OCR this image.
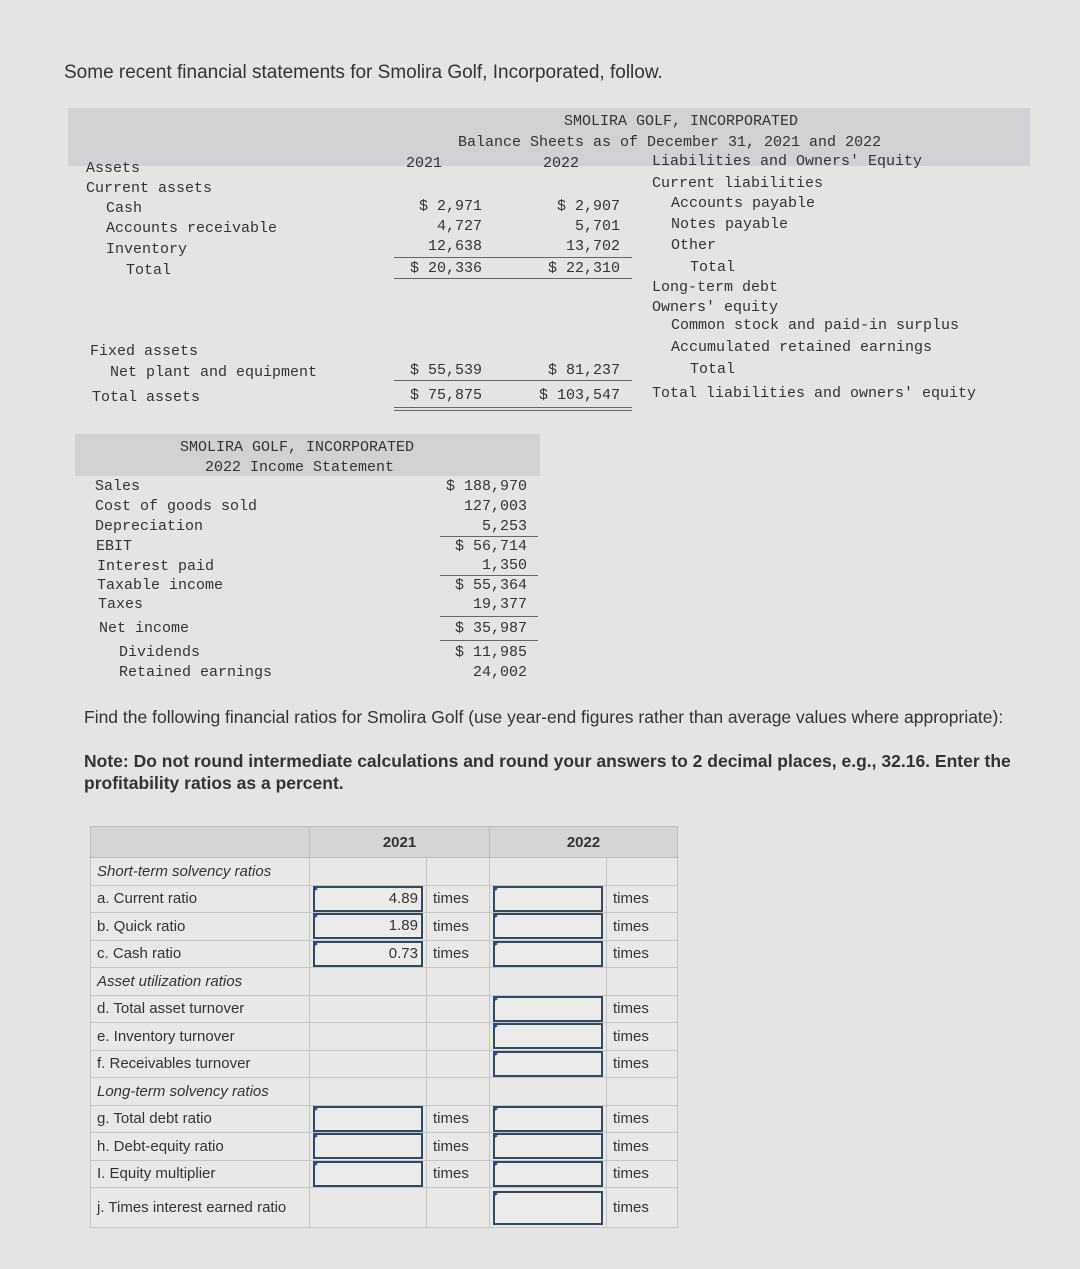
Some recent financial statements for Smolira Golf, Incorporated, follow.
SMOLIRA GOLF, INCORPORATED
Balance Sheets as of December 31, 2021 and 2022
2021	2022
Assets
Current assets
Cash	$ 2,971	$ 2,907
Accounts receivable	4,727	5,701
Inventory	12,638	13,702
Total	$ 20,336	$ 22,310
Fixed assets
Net plant and equipment	$ 55,539	$ 81,237
Total assets	$ 75,875	$ 103,547
Liabilities and Owners' Equity
Current liabilities
Accounts payable
Notes payable
Other
Total
Long-term debt
Owners' equity
Common stock and paid-in surplus
Accumulated retained earnings
Total
Total liabilities and owners' equity
SMOLIRA GOLF, INCORPORATED
2022 Income Statement
Sales	$ 188,970
Cost of goods sold	127,003
Depreciation	5,253
EBIT	$ 56,714
Interest paid	1,350
Taxable income	$ 55,364
Taxes	19,377
Net income	$ 35,987
Dividends	$ 11,985
Retained earnings	24,002
Find the following financial ratios for Smolira Golf (use year-end figures rather than average values where appropriate):
Note: Do not round intermediate calculations and round your answers to 2 decimal places, e.g., 32.16. Enter the profitability ratios as a percent.
	2021		2022	
Short-term solvency ratios				
a. Current ratio	4.89	times		times
b. Quick ratio	1.89	times		times
c. Cash ratio	0.73	times		times
Asset utilization ratios				
d. Total asset turnover				times
e. Inventory turnover				times
f. Receivables turnover				times
Long-term solvency ratios				
g. Total debt ratio		times		times
h. Debt-equity ratio		times		times
I. Equity multiplier		times		times
j. Times interest earned ratio				times
